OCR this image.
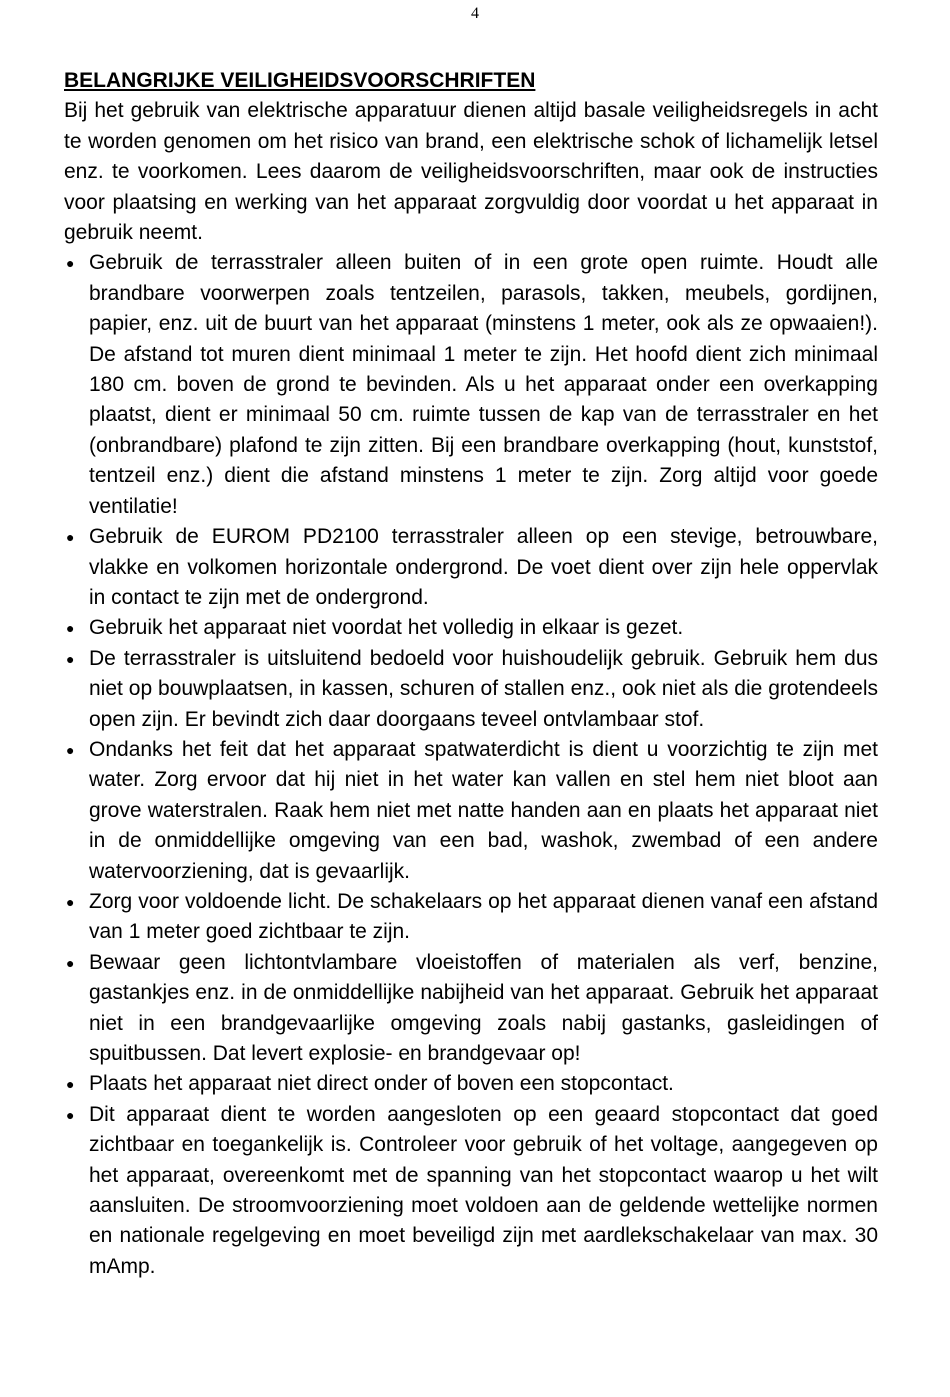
4
BELANGRIJKE VEILIGHEIDSVOORSCHRIFTEN

Bij het gebruik van elektrische apparatuur dienen altijd basale veiligheidsregels in acht te worden genomen om het risico van brand, een elektrische schok of lichamelijk letsel enz. te voorkomen. Lees daarom de veiligheidsvoorschriften, maar ook de instructies voor plaatsing en werking van het apparaat zorgvuldig door voordat u het apparaat in gebruik neemt.

● Gebruik de terrasstraler alleen buiten of in een grote open ruimte. Houdt alle brandbare voorwerpen zoals tentzeilen, parasols, takken, meubels, gordijnen, papier, enz. uit de buurt van het apparaat (minstens 1 meter, ook als ze opwaaien!). De afstand tot muren dient minimaal 1 meter te zijn. Het hoofd dient zich minimaal 180 cm. boven de grond te bevinden. Als u het apparaat onder een overkapping plaatst, dient er minimaal 50 cm. ruimte tussen de kap van de terrasstraler en het (onbrandbare) plafond te zijn zitten. Bij een brandbare overkapping (hout, kunststof, tentzeil enz.) dient die afstand minstens 1 meter te zijn. Zorg altijd voor goede ventilatie!
● Gebruik de EUROM PD2100 terrasstraler alleen op een stevige, betrouwbare, vlakke en volkomen horizontale ondergrond. De voet dient over zijn hele oppervlak in contact te zijn met de ondergrond.
● Gebruik het apparaat niet voordat het volledig in elkaar is gezet.
● De terrasstraler is uitsluitend bedoeld voor huishoudelijk gebruik. Gebruik hem dus niet op bouwplaatsen, in kassen, schuren of stallen enz., ook niet als die grotendeels open zijn. Er bevindt zich daar doorgaans teveel ontvlambaar stof.
● Ondanks het feit dat het apparaat spatwaterdicht is dient u voorzichtig te zijn met water. Zorg ervoor dat hij niet in het water kan vallen en stel hem niet bloot aan grove waterstralen. Raak hem niet met natte handen aan en plaats het apparaat niet in de onmiddellijke omgeving van een bad, washok, zwembad of een andere watervoorziening, dat is gevaarlijk.
● Zorg voor voldoende licht. De schakelaars op het apparaat dienen vanaf een afstand van 1 meter goed zichtbaar te zijn.
● Bewaar geen lichtontvlambare vloeistoffen of materialen als verf, benzine, gastankjes enz. in de onmiddellijke nabijheid van het apparaat. Gebruik het apparaat niet in een brandgevaarlijke omgeving zoals nabij gastanks, gasleidingen of spuitbussen. Dat levert explosie- en brandgevaar op!
● Plaats het apparaat niet direct onder of boven een stopcontact.
● Dit apparaat dient te worden aangesloten op een geaard stopcontact dat goed zichtbaar en toegankelijk is. Controleer voor gebruik of het voltage, aangegeven op het apparaat, overeenkomt met de spanning van het stopcontact waarop u het wilt aansluiten. De stroomvoorziening moet voldoen aan de geldende wettelijke normen en nationale regelgeving en moet beveiligd zijn met aardlekschakelaar van max. 30 mAmp.
